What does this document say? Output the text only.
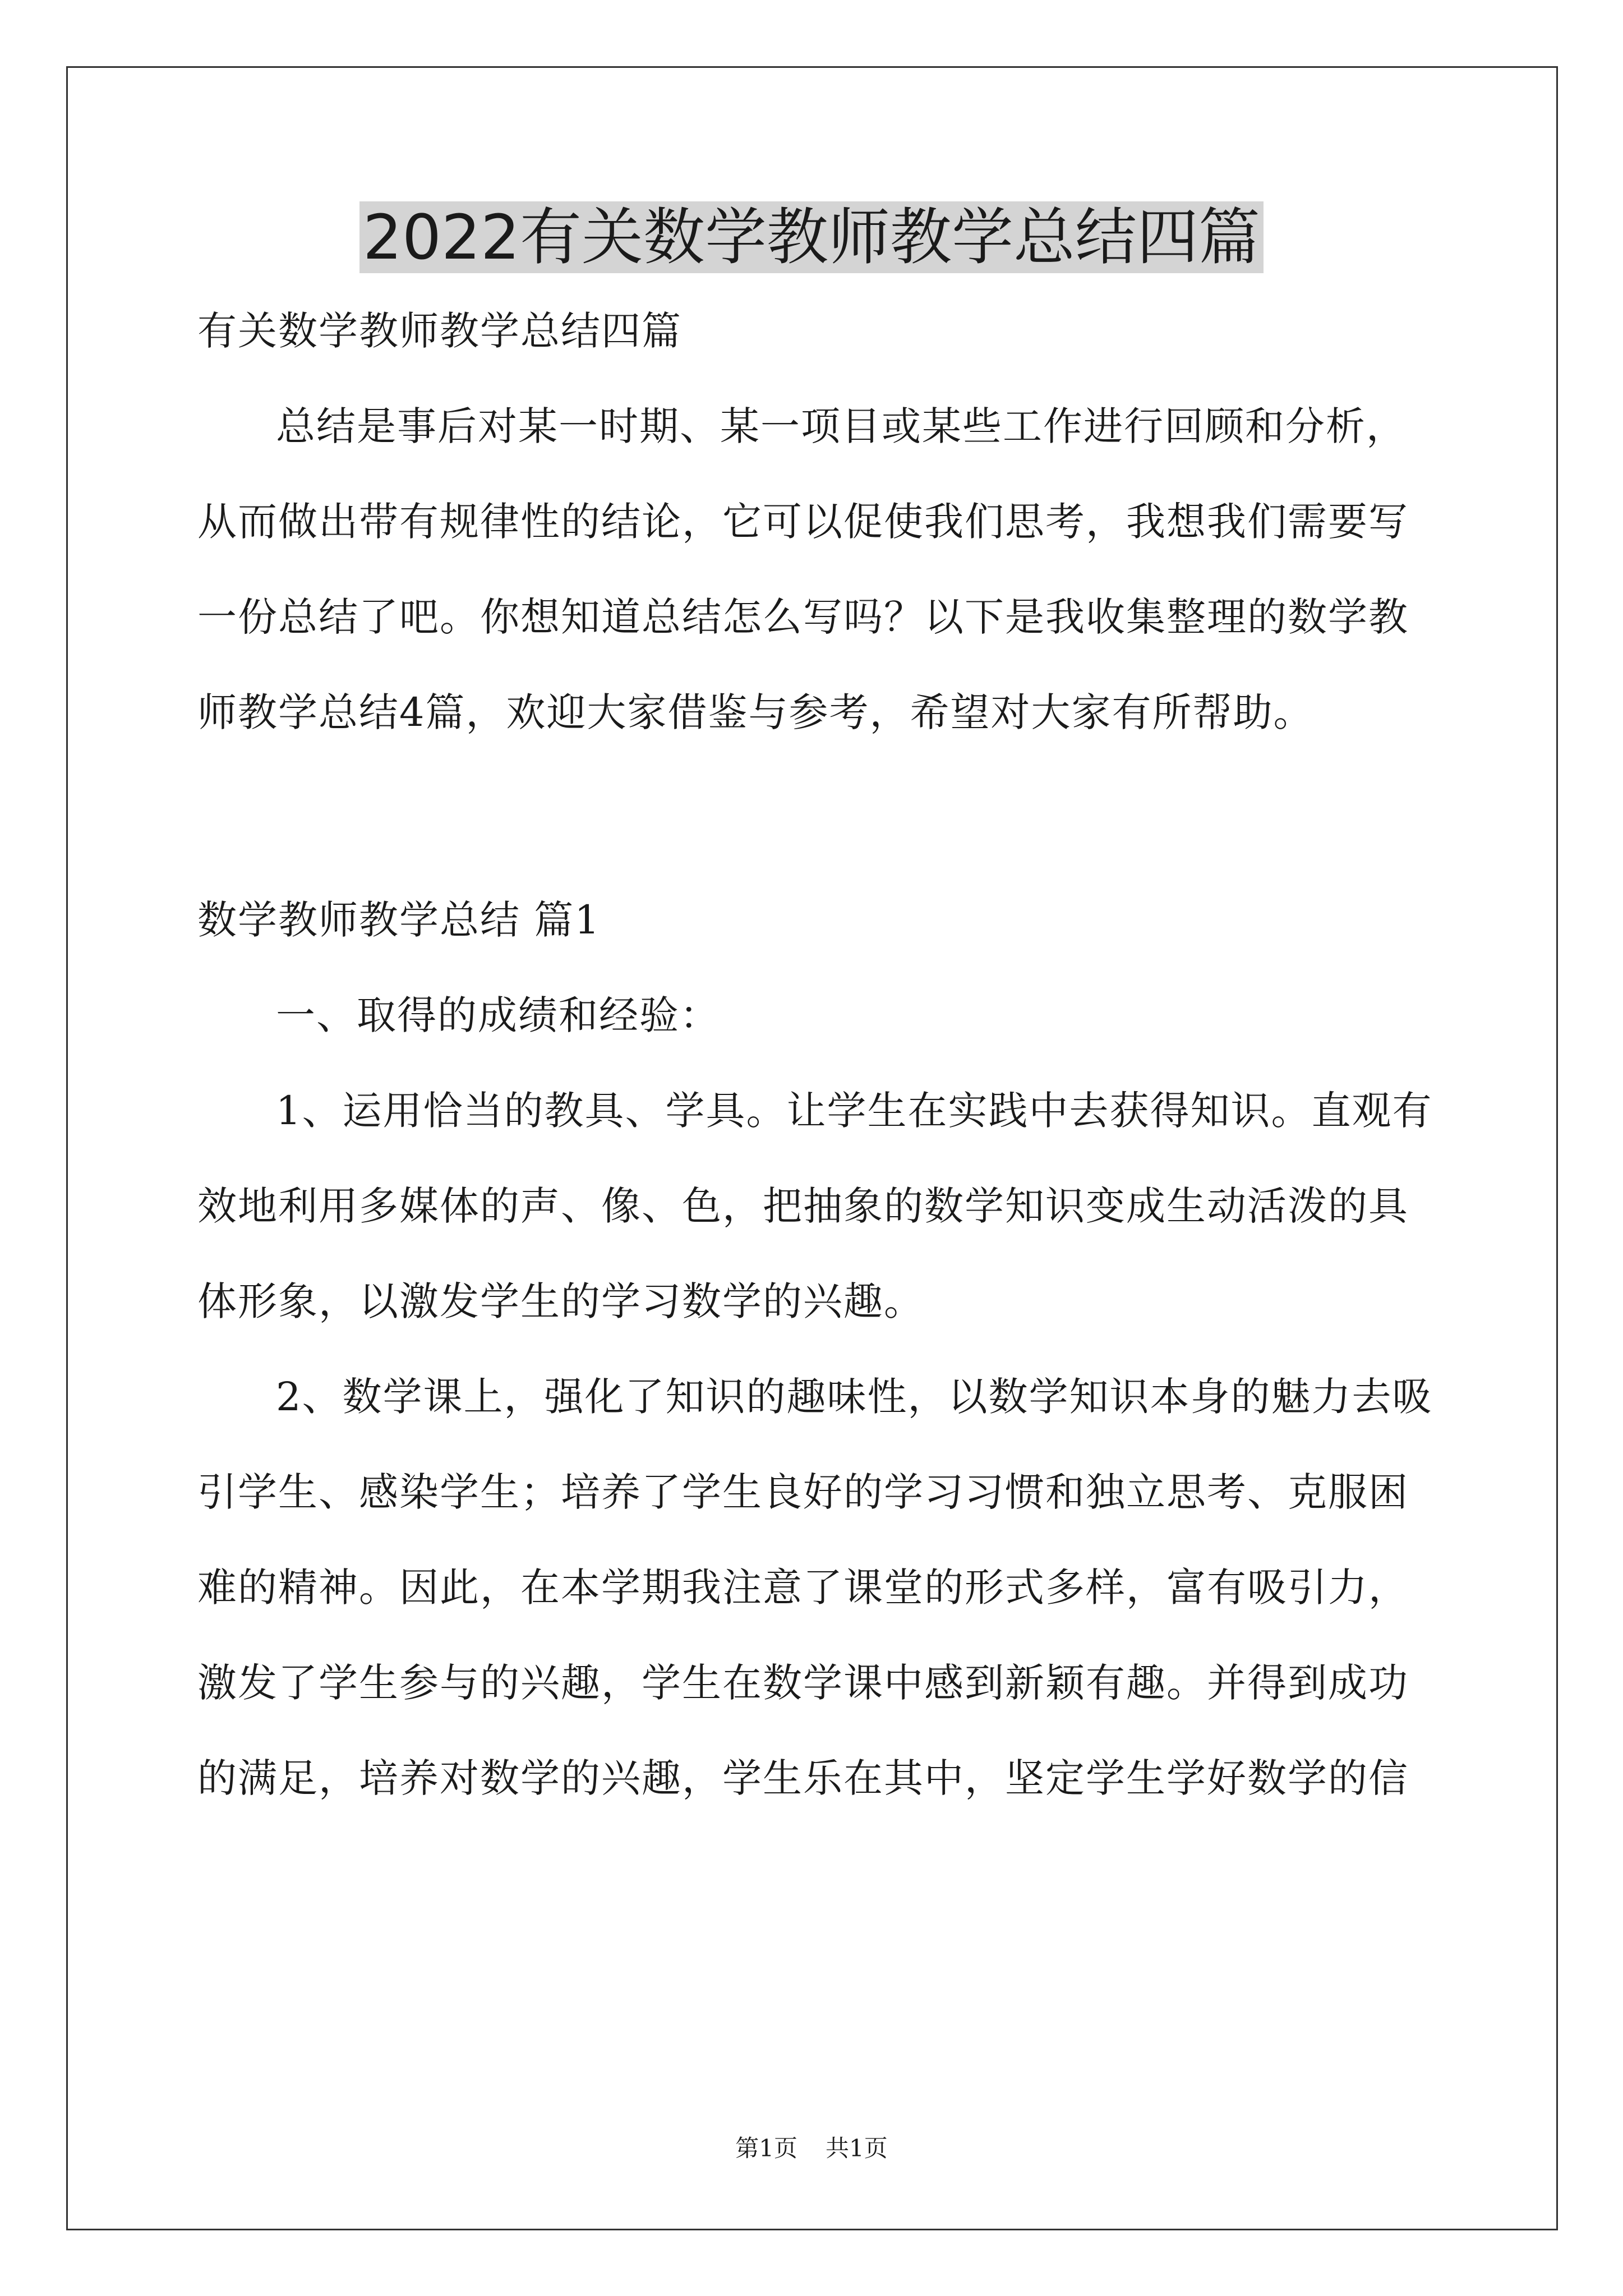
2022有关数学教师教学总结四篇

有关数学教师教学总结四篇

总结是事后对某一时期、某一项目或某些工作进行回顾和分析，

从而做出带有规律性的结论，它可以促使我们思考，我想我们需要写

一份总结了吧。你想知道总结怎么写吗？以下是我收集整理的数学教

师教学总结4篇，欢迎大家借鉴与参考，希望对大家有所帮助。

数学教师教学总结 篇1

一、取得的成绩和经验：

1、运用恰当的教具、学具。让学生在实践中去获得知识。直观有

效地利用多媒体的声、像、色，把抽象的数学知识变成生动活泼的具

体形象，以激发学生的学习数学的兴趣。

2、数学课上，强化了知识的趣味性，以数学知识本身的魅力去吸

引学生、感染学生；培养了学生良好的学习习惯和独立思考、克服困

难的精神。因此，在本学期我注意了课堂的形式多样，富有吸引力，

激发了学生参与的兴趣，学生在数学课中感到新颖有趣。并得到成功

的满足，培养对数学的兴趣，学生乐在其中，坚定学生学好数学的信

第1页 共1页
